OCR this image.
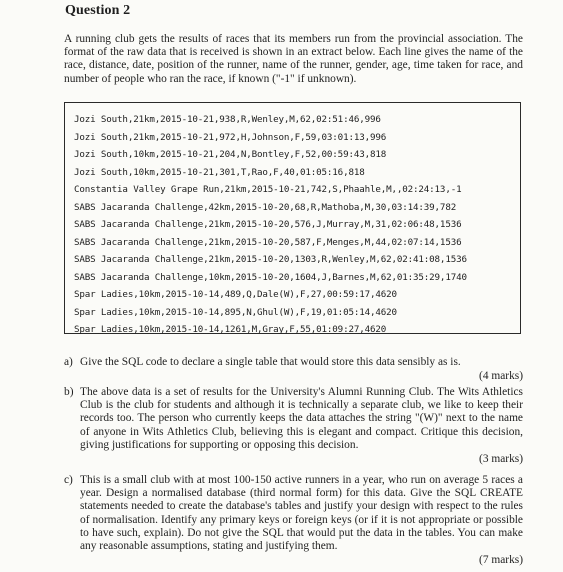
Question 2

A running club gets the results of races that its members run from the provincial association. The format of the raw data that is received is shown in an extract below. Each line gives the name of the race, distance, date, position of the runner, name of the runner, gender, age, time taken for race, and number of people who ran the race, if known ("-1" if unknown).

Jozi South,21km,2015-10-21,938,R,Wenley,M,62,02:51:46,996
Jozi South,21km,2015-10-21,972,H,Johnson,F,59,03:01:13,996
Jozi South,10km,2015-10-21,204,N,Bontley,F,52,00:59:43,818
Jozi South,10km,2015-10-21,301,T,Rao,F,40,01:05:16,818
Constantia Valley Grape Run,21km,2015-10-21,742,S,Phaahle,M,,02:24:13,-1
SABS Jacaranda Challenge,42km,2015-10-20,68,R,Mathoba,M,30,03:14:39,782
SABS Jacaranda Challenge,21km,2015-10-20,576,J,Murray,M,31,02:06:48,1536
SABS Jacaranda Challenge,21km,2015-10-20,587,F,Menges,M,44,02:07:14,1536
SABS Jacaranda Challenge,21km,2015-10-20,1303,R,Wenley,M,62,02:41:08,1536
SABS Jacaranda Challenge,10km,2015-10-20,1604,J,Barnes,M,62,01:35:29,1740
Spar Ladies,10km,2015-10-14,489,Q,Dale(W),F,27,00:59:17,4620
Spar Ladies,10km,2015-10-14,895,N,Ghul(W),F,19,01:05:14,4620
Spar Ladies,10km,2015-10-14,1261,M,Gray,F,55,01:09:27,4620
a) Give the SQL code to declare a single table that would store this data sensibly as is.
(4 marks)
b) The above data is a set of results for the University's Alumni Running Club. The Wits Athletics Club is the club for students and although it is technically a separate club, we like to keep their records too. The person who currently keeps the data attaches the string "(W)" next to the name of anyone in Wits Athletics Club, believing this is elegant and compact. Critique this decision, giving justifications for supporting or opposing this decision.
(3 marks)
c) This is a small club with at most 100-150 active runners in a year, who run on average 5 races a year. Design a normalised database (third normal form) for this data. Give the SQL CREATE statements needed to create the database's tables and justify your design with respect to the rules of normalisation. Identify any primary keys or foreign keys (or if it is not appropriate or possible to have such, explain). Do not give the SQL that would put the data in the tables. You can make any reasonable assumptions, stating and justifying them.
(7 marks)
